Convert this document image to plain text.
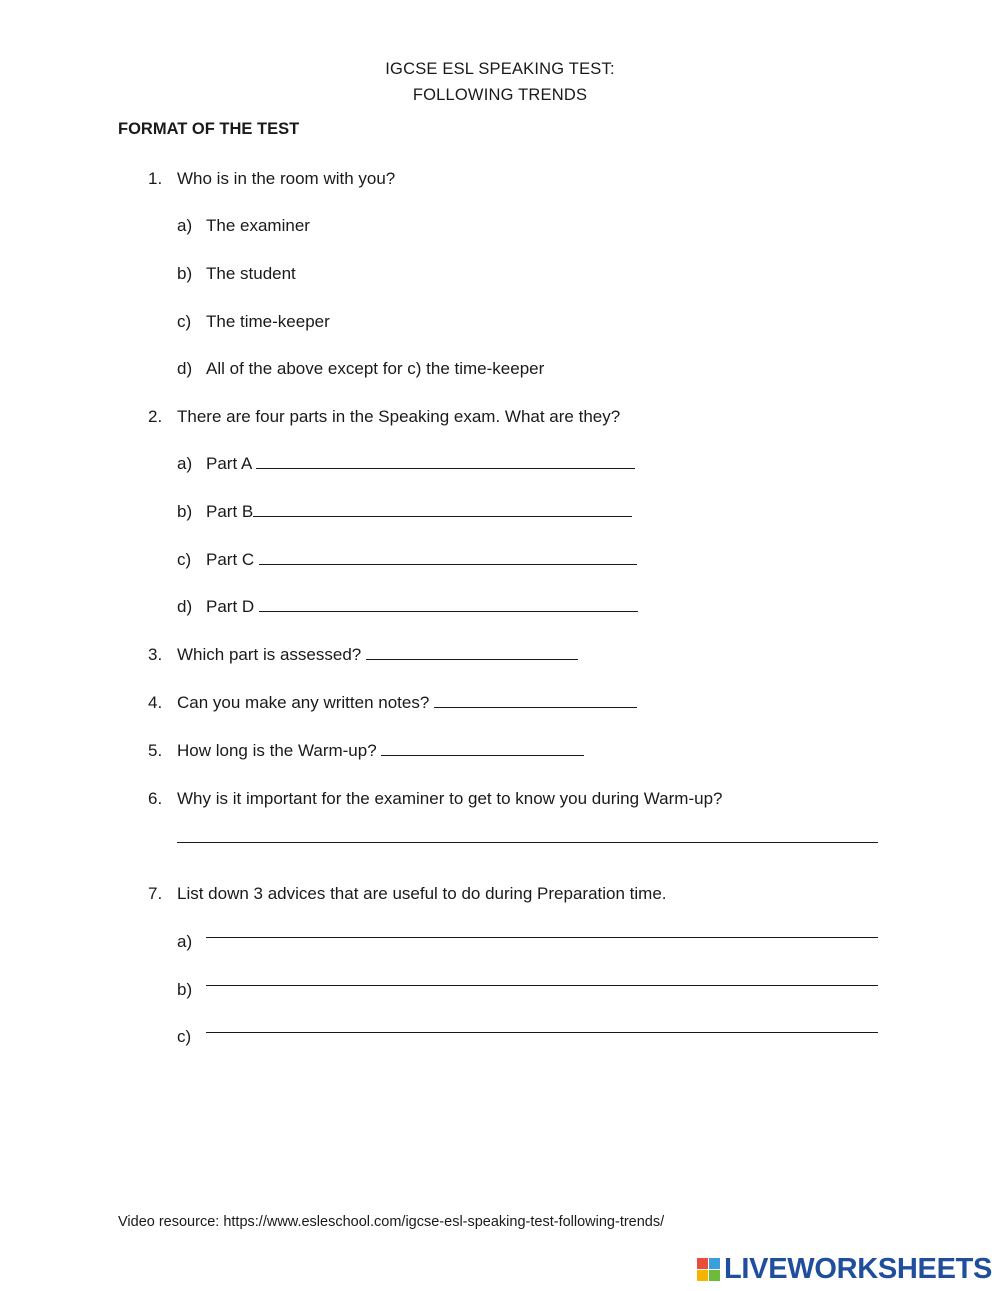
IGCSE ESL SPEAKING TEST:
FOLLOWING TRENDS
FORMAT OF THE TEST
1. Who is in the room with you?
a) The examiner
b) The student
c) The time-keeper
d) All of the above except for c) the time-keeper
2. There are four parts in the Speaking exam. What are they?
a) Part A
b) Part B
c) Part C
d) Part D
3. Which part is assessed?
4. Can you make any written notes?
5. How long is the Warm-up?
6. Why is it important for the examiner to get to know you during Warm-up?
7. List down 3 advices that are useful to do during Preparation time.
a)
b)
c)
Video resource: https://www.esleschool.com/igcse-esl-speaking-test-following-trends/
LIVEWORKSHEETS
